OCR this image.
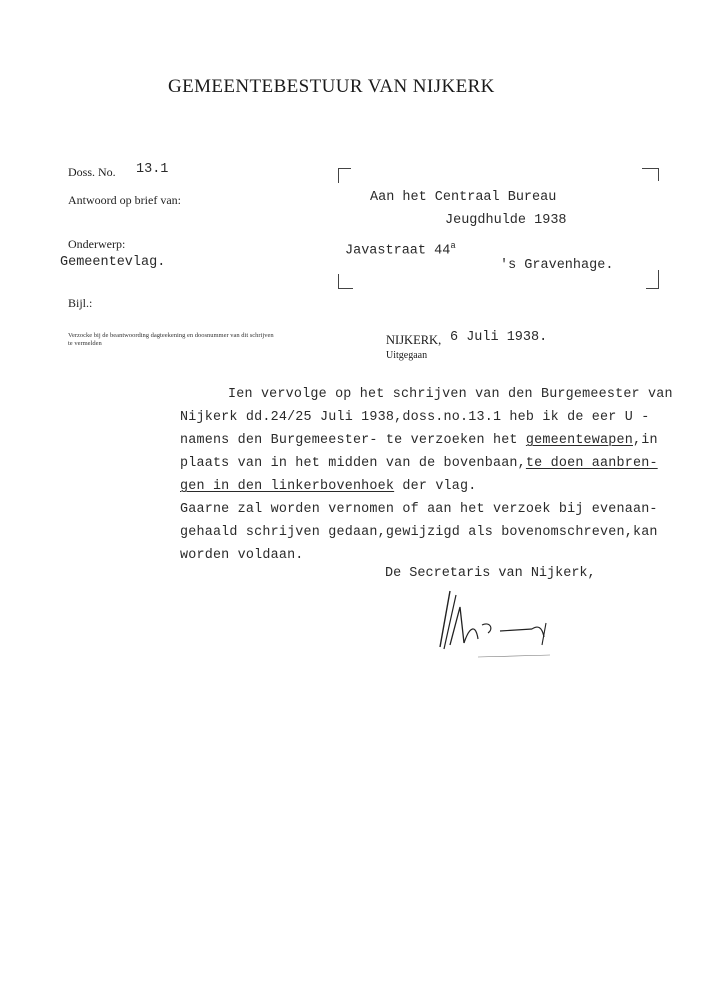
GEMEENTEBESTUUR VAN NIJKERK
Doss. No. 13.1
Antwoord op brief van:
Onderwerp:
Gemeentevlag.
Bijl.:
Verzocke bij de beantwoording dagteekening en doosnummer van dit schrijven te vermelden
Aan het Centraal Bureau
Jeugdhulde 1938
Javastraat 44$^a$
's Gravenhage.
NIJKERK, 6 Juli 1938.
Uitgegaan
Ien vervolge op het schrijven van den Burgemeester van
Nijkerk dd.24/25 Juli 1938,doss.no.13.1 heb ik de eer U -
namens den Burgemeester- te verzoeken het gemeentewapen,in
plaats van in het midden van de bovenbaan,te doen aanbren-
gen in den linkerbovenhoek der vlag.
Gaarne zal worden vernomen of aan het verzoek bij evenaan-
gehaald schrijven gedaan,gewijzigd als bovenomschreven,kan
worden voldaan.
De Secretaris van Nijkerk,
